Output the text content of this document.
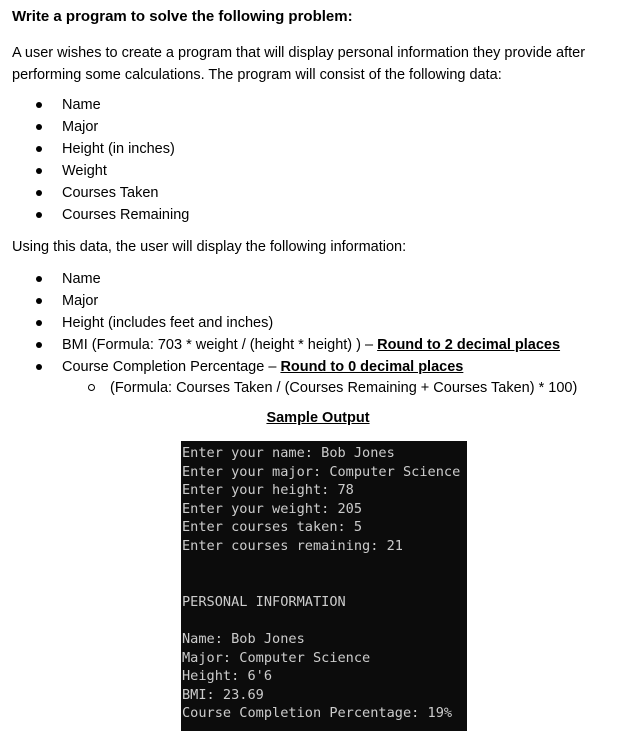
Write a program to solve the following problem:
A user wishes to create a program that will display personal information they provide after performing some calculations. The program will consist of the following data:
Name
Major
Height (in inches)
Weight
Courses Taken
Courses Remaining
Using this data, the user will display the following information:
Name
Major
Height (includes feet and inches)
BMI (Formula: 703 * weight / (height * height) ) – Round to 2 decimal places
Course Completion Percentage – Round to 0 decimal places
(Formula: Courses Taken / (Courses Remaining + Courses Taken) * 100)
Sample Output
Enter your name: Bob Jones
Enter your major: Computer Science
Enter your height: 78
Enter your weight: 205
Enter courses taken: 5
Enter courses remaining: 21
PERSONAL INFORMATION
Name: Bob Jones
Major: Computer Science
Height: 6'6
BMI: 23.69
Course Completion Percentage: 19%
